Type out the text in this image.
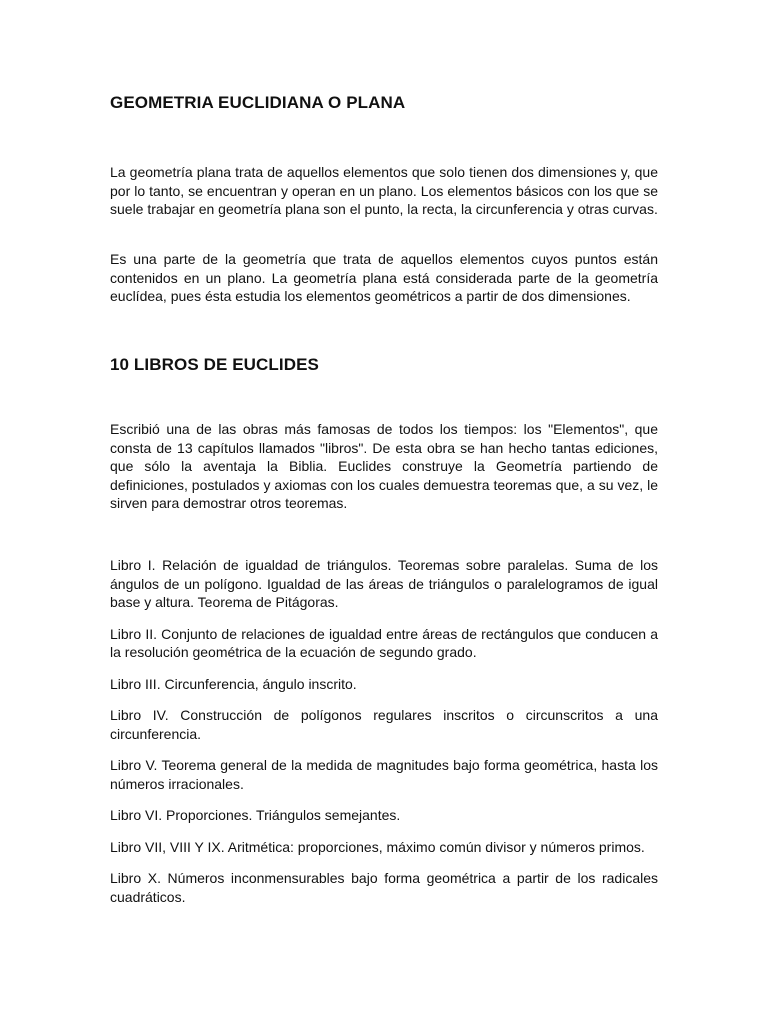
GEOMETRIA EUCLIDIANA O PLANA

La geometría plana trata de aquellos elementos que solo tienen dos dimensiones y, que por lo tanto, se encuentran y operan en un plano. Los elementos básicos con los que se suele trabajar en geometría plana son el punto, la recta, la circunferencia y otras curvas.

Es una parte de la geometría que trata de aquellos elementos cuyos puntos están contenidos en un plano. La geometría plana está considerada parte de la geometría euclídea, pues ésta estudia los elementos geométricos a partir de dos dimensiones.

10 LIBROS DE EUCLIDES

Escribió una de las obras más famosas de todos los tiempos: los "Elementos", que consta de 13 capítulos llamados "libros". De esta obra se han hecho tantas ediciones, que sólo la aventaja la Biblia. Euclides construye la Geometría partiendo de definiciones, postulados y axiomas con los cuales demuestra teoremas que, a su vez, le sirven para demostrar otros teoremas.

Libro I. Relación de igualdad de triángulos. Teoremas sobre paralelas. Suma de los ángulos de un polígono. Igualdad de las áreas de triángulos o paralelogramos de igual base y altura. Teorema de Pitágoras.

Libro II. Conjunto de relaciones de igualdad entre áreas de rectángulos que conducen a la resolución geométrica de la ecuación de segundo grado.

Libro III. Circunferencia, ángulo inscrito.

Libro IV. Construcción de polígonos regulares inscritos o circunscritos a una circunferencia.

Libro V. Teorema general de la medida de magnitudes bajo forma geométrica, hasta los números irracionales.

Libro VI. Proporciones. Triángulos semejantes.

Libro VII, VIII Y IX. Aritmética: proporciones, máximo común divisor y números primos.

Libro X. Números inconmensurables bajo forma geométrica a partir de los radicales cuadráticos.
